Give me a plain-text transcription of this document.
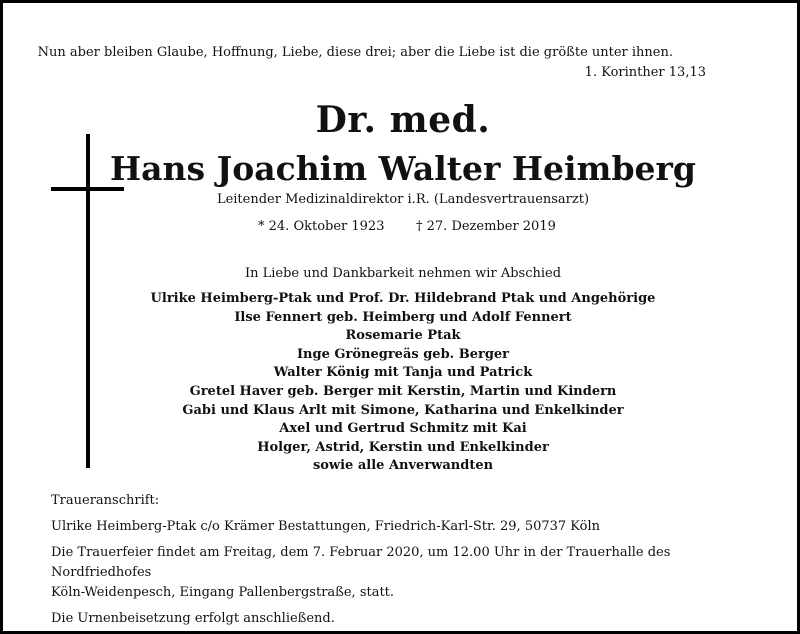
Nun aber bleiben Glaube, Hoffnung, Liebe, diese drei; aber die Liebe ist die größte unter ihnen.
1. Korinther 13,13
Dr. med.
Hans Joachim Walter Heimberg
Leitender Medizinaldirektor i.R. (Landesvertrauensarzt)
* 24. Oktober 1923 † 27. Dezember 2019
In Liebe und Dankbarkeit nehmen wir Abschied
Ulrike Heimberg-Ptak und Prof. Dr. Hildebrand Ptak und Angehörige
Ilse Fennert geb. Heimberg und Adolf Fennert
Rosemarie Ptak
Inge Grönegreäs geb. Berger
Walter König mit Tanja und Patrick
Gretel Haver geb. Berger mit Kerstin, Martin und Kindern
Gabi und Klaus Arlt mit Simone, Katharina und Enkelkinder
Axel und Gertrud Schmitz mit Kai
Holger, Astrid, Kerstin und Enkelkinder
sowie alle Anverwandten
Traueranschrift:
Ulrike Heimberg-Ptak c/o Krämer Bestattungen, Friedrich-Karl-Str. 29, 50737 Köln
Die Trauerfeier findet am Freitag, dem 7. Februar 2020, um 12.00 Uhr in der Trauerhalle des Nordfriedhofes
Köln-Weidenpesch, Eingang Pallenbergstraße, statt.
Die Urnenbeisetzung erfolgt anschließend.
